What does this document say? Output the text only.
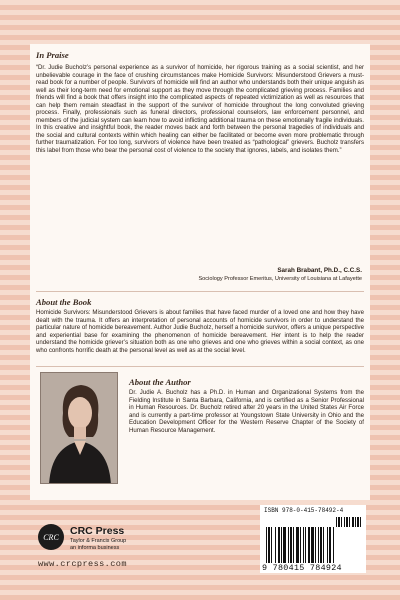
In Praise

“Dr. Judie Bucholz’s personal experience as a survivor of homicide, her rigorous training as a social scientist, and her unbelievable courage in the face of crushing circumstances make Homicide Survivors: Misunderstood Grievers a must-read book for a number of people. Survivors of homicide will find an author who understands both their unique anguish as well as their long-term need for emotional support as they move through the complicated grieving process. Families and friends will find a book that offers insight into the complicated aspects of repeated victimization as well as resources that can help them remain steadfast in the support of the survivor of homicide throughout the long convoluted grieving process. Finally, professionals such as funeral directors, professional counselors, law enforcement personnel, and members of the judicial system can learn how to avoid inflicting additional trauma on these emotionally fragile individuals. In this creative and insightful book, the reader moves back and forth between the personal tragedies of individuals and the social and cultural contexts within which healing can either be facilitated or become even more problematic through further traumatization. For too long, survivors of violence have been treated as “pathological” grievers. Bucholz transfers this label from those who bear the personal cost of violence to the society that ignores, labels, and isolates them.”

Sarah Brabant, Ph.D., C.C.S.
Sociology Professor Emeritus, University of Louisiana at Lafayette
About the Book

Homicide Survivors: Misunderstood Grievers is about families that have faced murder of a loved one and how they have dealt with the trauma. It offers an interpretation of personal accounts of homicide survivors in order to understand the particular nature of homicide bereavement. Author Judie Bucholz, herself a homicide survivor, offers a unique perspective and experiential base for examining the phenomenon of homicide bereavement. Her intent is to help the reader understand the homicide griever’s situation both as one who grieves and one who grieves within a social context, as one who confronts horrific death at the personal level as well as at the social level.

About the Author

Dr. Judie A. Bucholz has a Ph.D. in Human and Organizational Systems from the Fielding Institute in Santa Barbara, California, and is certified as a Senior Professional in Human Resources. Dr. Bucholz retired after 20 years in the United States Air Force and is currently a part-time professor at Youngstown State University in Ohio and the Education Development Officer for the Western Reserve Chapter of the Society of Human Resource Management.

CRC	CRC Press
Taylor & Francis Group
an informa business
www.crcpress.com
ISBN 978-0-415-78492-4
9 780415 784924
